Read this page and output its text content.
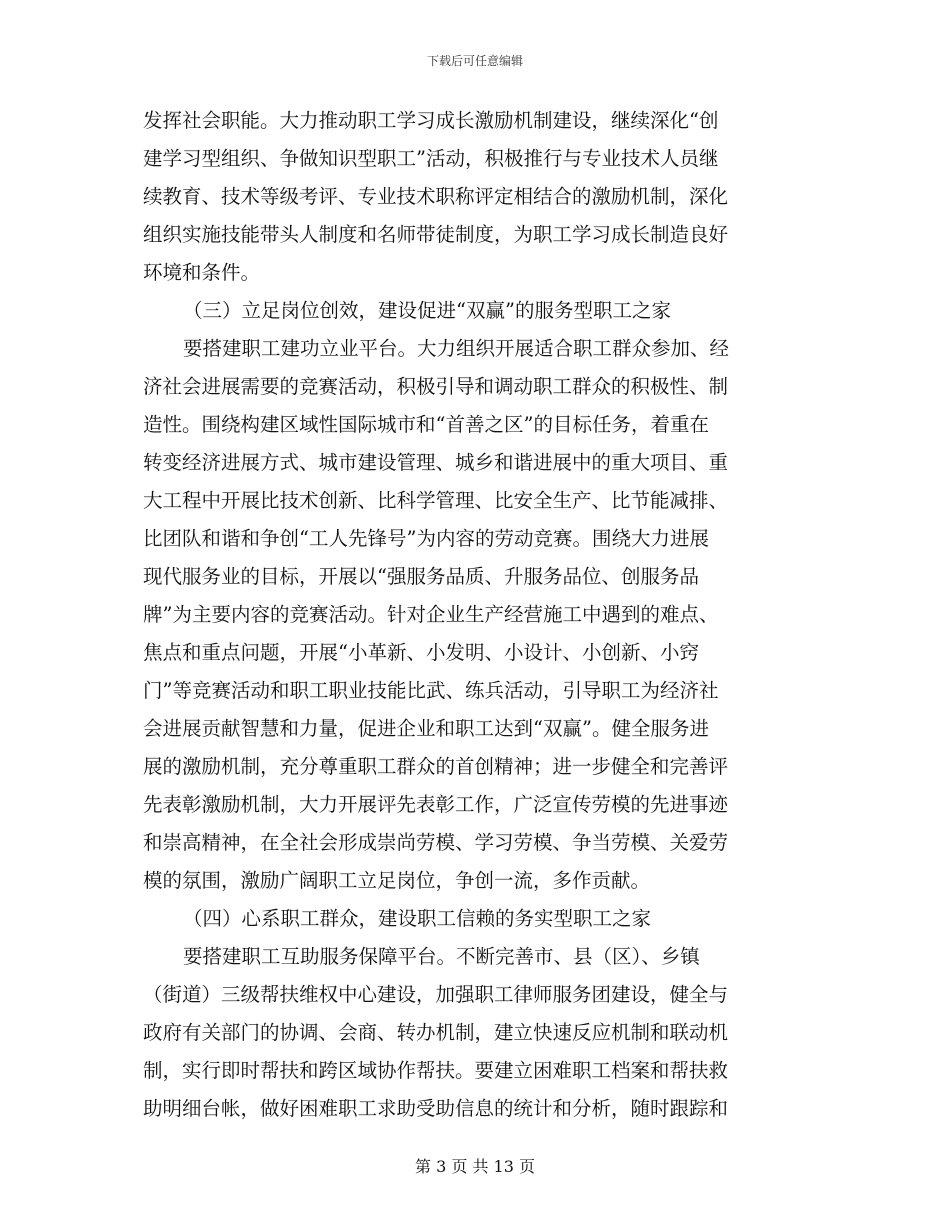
下载后可任意编辑
发挥社会职能。大力推动职工学习成长激励机制建设，继续深化“创
建学习型组织、争做知识型职工”活动，积极推行与专业技术人员继
续教育、技术等级考评、专业技术职称评定相结合的激励机制，深化
组织实施技能带头人制度和名师带徒制度，为职工学习成长制造良好
环境和条件。
（三）立足岗位创效，建设促进“双赢”的服务型职工之家
要搭建职工建功立业平台。大力组织开展适合职工群众参加、经
济社会进展需要的竞赛活动，积极引导和调动职工群众的积极性、制
造性。围绕构建区域性国际城市和“首善之区”的目标任务，着重在
转变经济进展方式、城市建设管理、城乡和谐进展中的重大项目、重
大工程中开展比技术创新、比科学管理、比安全生产、比节能减排、
比团队和谐和争创“工人先锋号”为内容的劳动竞赛。围绕大力进展
现代服务业的目标，开展以“强服务品质、升服务品位、创服务品
牌”为主要内容的竞赛活动。针对企业生产经营施工中遇到的难点、
焦点和重点问题，开展“小革新、小发明、小设计、小创新、小窍
门”等竞赛活动和职工职业技能比武、练兵活动，引导职工为经济社
会进展贡献智慧和力量，促进企业和职工达到“双赢”。健全服务进
展的激励机制，充分尊重职工群众的首创精神；进一步健全和完善评
先表彰激励机制，大力开展评先表彰工作，广泛宣传劳模的先进事迹
和崇高精神，在全社会形成崇尚劳模、学习劳模、争当劳模、关爱劳
模的氛围，激励广阔职工立足岗位，争创一流，多作贡献。
（四）心系职工群众，建设职工信赖的务实型职工之家
要搭建职工互助服务保障平台。不断完善市、县（区）、乡镇
（街道）三级帮扶维权中心建设，加强职工律师服务团建设，健全与
政府有关部门的协调、会商、转办机制，建立快速反应机制和联动机
制，实行即时帮扶和跨区域协作帮扶。要建立困难职工档案和帮扶救
助明细台帐，做好困难职工求助受助信息的统计和分析，随时跟踪和
第 3 页 共 13 页
